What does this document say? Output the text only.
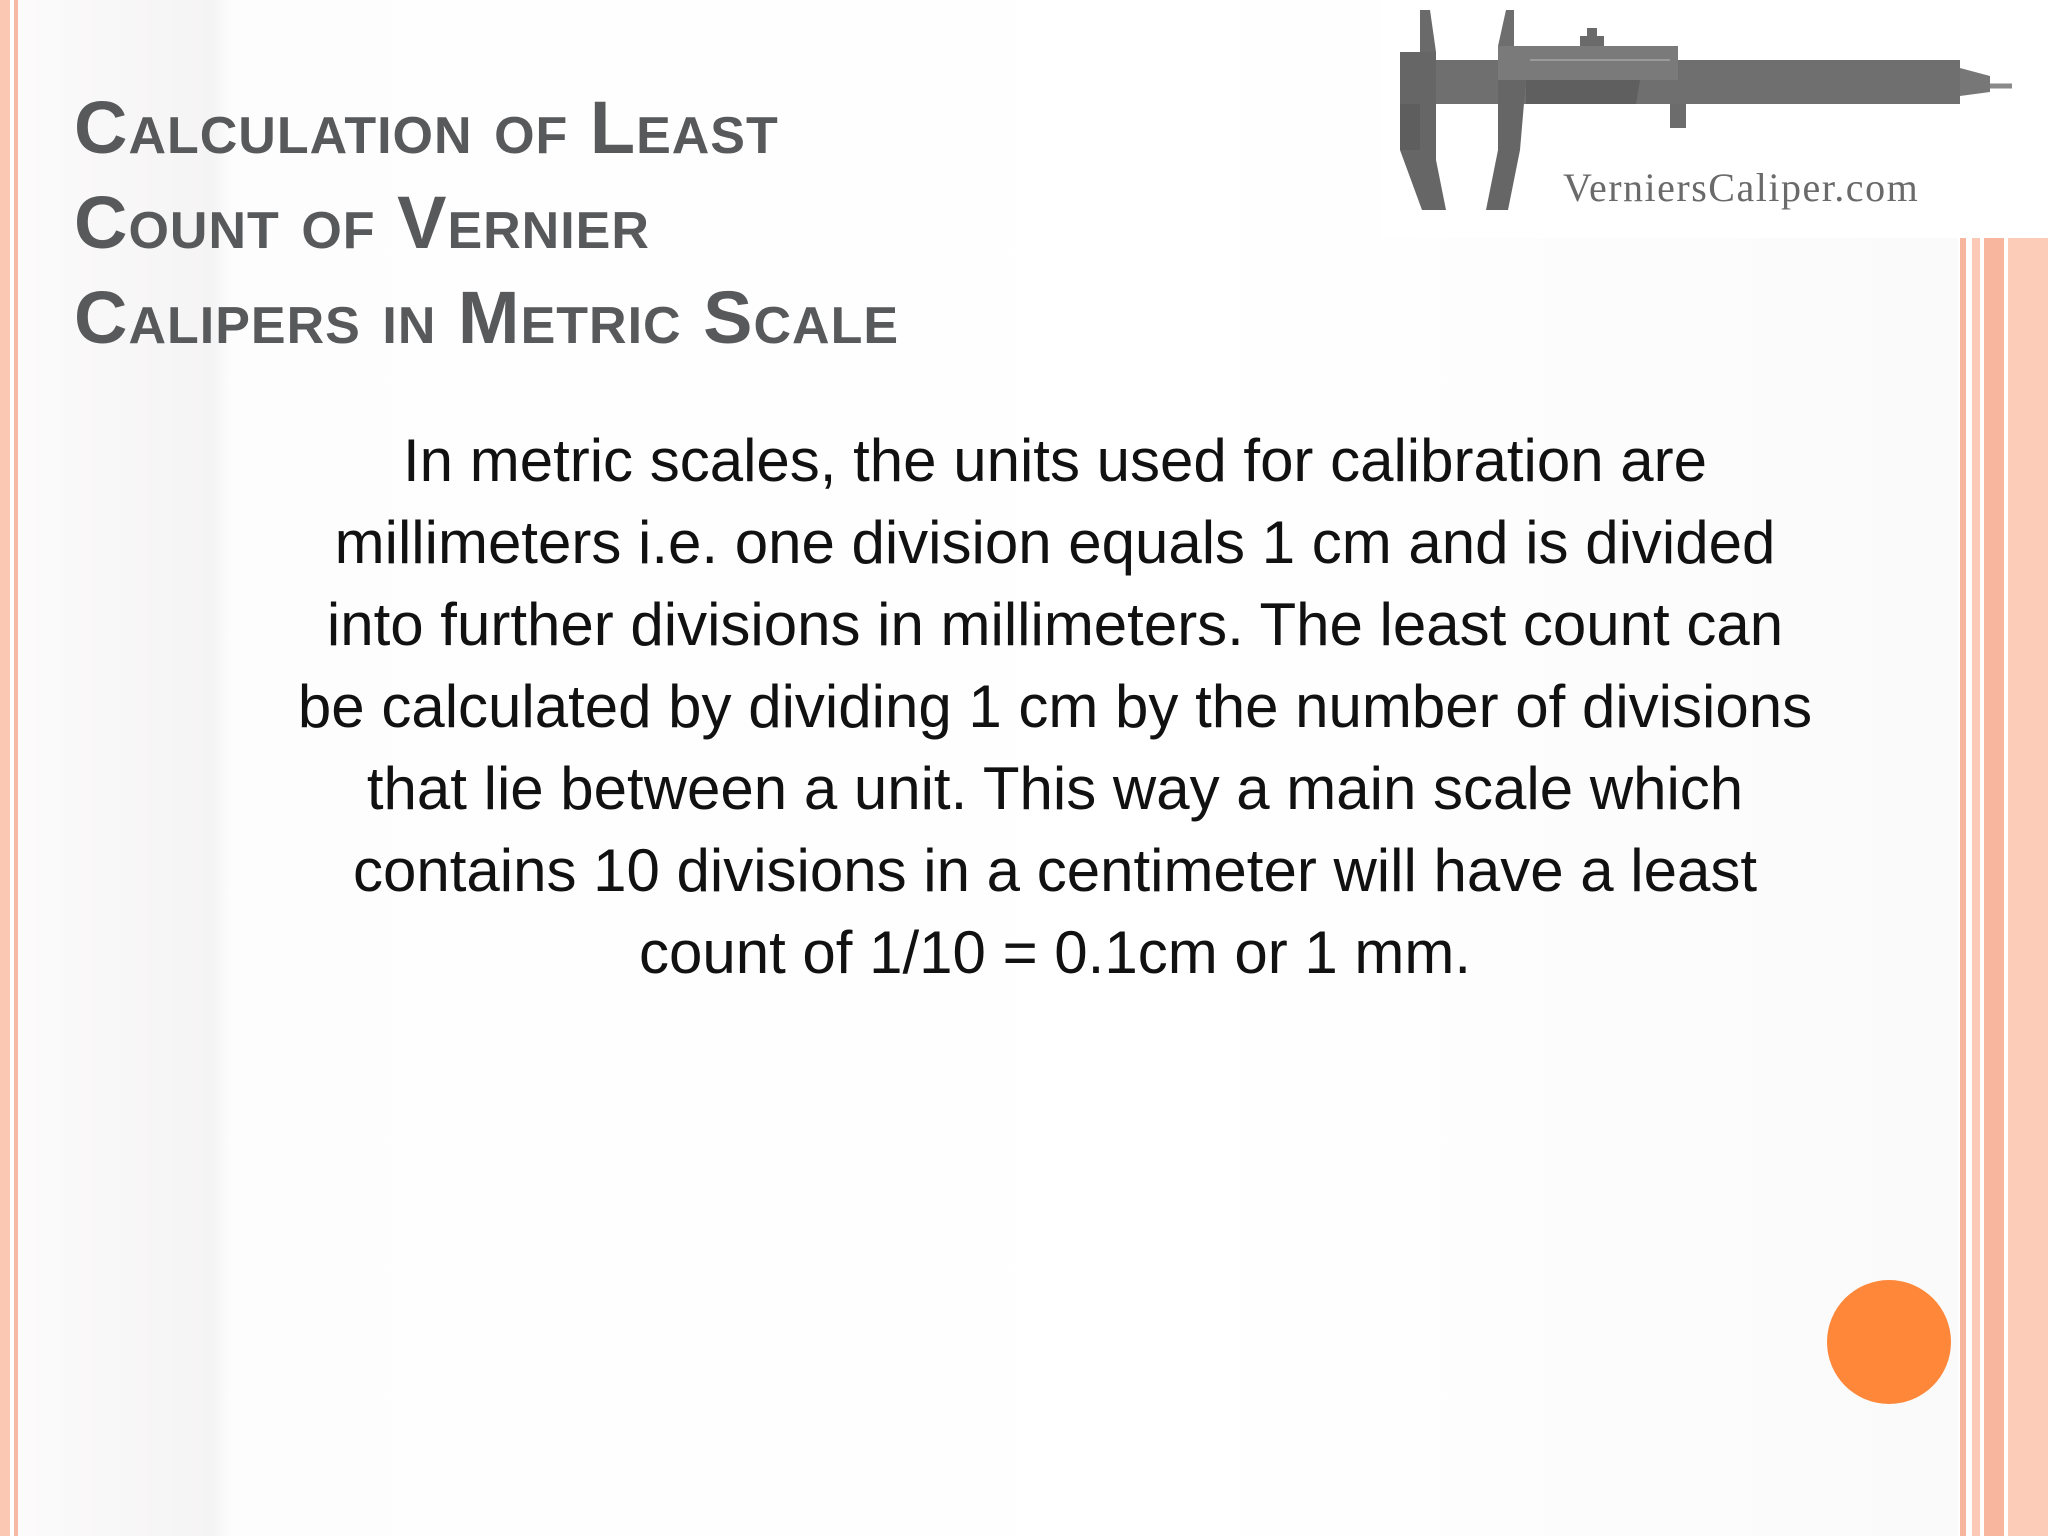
Calculation of Least
Count of Vernier
Calipers in Metric Scale
VerniersCaliper.com
In metric scales, the units used for calibration are
millimeters i.e. one division equals 1 cm and is divided
into further divisions in millimeters. The least count can
be calculated by dividing 1 cm by the number of divisions
that lie between a unit. This way a main scale which
contains 10 divisions in a centimeter will have a least
count of 1/10 = 0.1cm or 1 mm.
